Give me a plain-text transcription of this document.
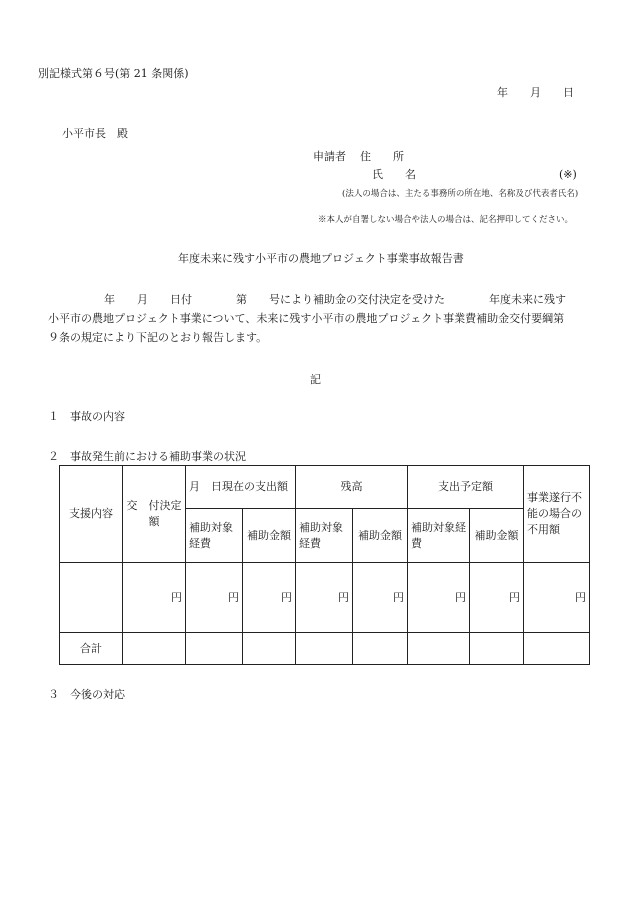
別記様式第６号(第 21 条関係)
年　　月　　日
小平市長　殿
申請者 住　　所
氏　　名	(※)
(法人の場合は、主たる事務所の所在地、名称及び代表者氏名)
※本人が自署しない場合や法人の場合は、記名押印してください。
年度未来に残す小平市の農地プロジェクト事業事故報告書
年　　月　　日付　　　　第　　号により補助金の交付決定を受けた　　　　年度未来に残す
小平市の農地プロジェクト事業について、未来に残す小平市の農地プロジェクト事業費補助金交付要綱第
９条の規定により下記のとおり報告します。
記
１　事故の内容
２　事故発生前における補助事業の状況
３　今後の対応
支援内容	交　付決定額	月　日現在の支出額		残高		支出予定額		事業遂行不能の場合の不用額
		補助対象経費	補助金額	補助対象経費	補助金額	補助対象経費	補助金額	
	円	円	円	円	円	円	円	円
合計								
